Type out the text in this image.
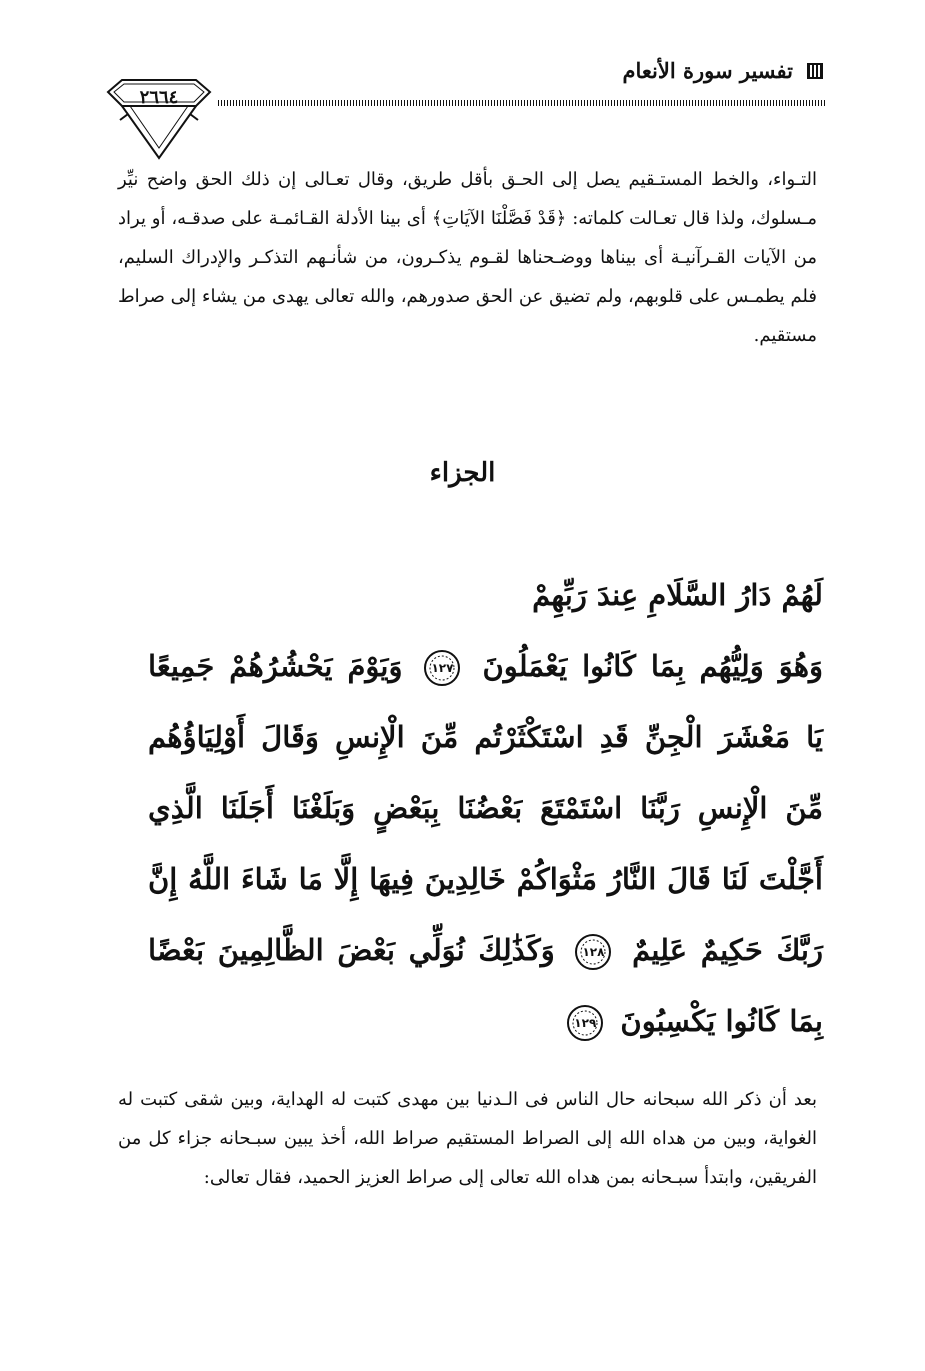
تفسير سورة الأنعام
٢٦٦٤

التـواء، والخط المستـقيم يصل إلى الحـق بأقل طريق، وقال تعـالى إن ذلك الحق واضح نيِّر مـسلوك، ولذا قال تعـالت كلماته: ﴿قَدْ فَصَّلْنَا الآيَاتِ﴾ أى بينا الأدلة القـائمـة على صدقـه، أو يراد من الآيات القـرآنيـة أى بيناها ووضـحناها لقـوم يذكـرون، من شأنـهم التذكـر والإدراك السليم، فلم يطمـس على قلوبهم، ولم تضيق عن الحق صدورهم، والله تعالى يهدى من يشاء إلى صراط مستقيم.

الجزاء
لَهُمْ دَارُ السَّلَامِ عِندَ رَبِّهِمْ
وَهُوَ وَلِيُّهُم بِمَا كَانُوا يَعْمَلُونَ
١٢٧
وَيَوْمَ يَحْشُرُهُمْ جَمِيعًا
يَا مَعْشَرَ الْجِنِّ قَدِ اسْتَكْثَرْتُم مِّنَ الْإِنسِ وَقَالَ أَوْلِيَاؤُهُم
مِّنَ الْإِنسِ رَبَّنَا اسْتَمْتَعَ بَعْضُنَا بِبَعْضٍ وَبَلَغْنَا أَجَلَنَا الَّذِي
أَجَّلْتَ لَنَا قَالَ النَّارُ مَثْوَاكُمْ خَالِدِينَ فِيهَا إِلَّا مَا شَاءَ اللَّهُ إِنَّ
رَبَّكَ حَكِيمٌ عَلِيمٌ
١٢٨
وَكَذَٰلِكَ نُوَلِّي بَعْضَ الظَّالِمِينَ بَعْضًا
بِمَا كَانُوا يَكْسِبُونَ
١٢٩

بعد أن ذكر الله سبحانه حال الناس فى الـدنيا بين مهدى كتبت له الهداية، وبين شقى كتبت له الغواية، وبين من هداه الله إلى الصراط المستقيم صراط الله، أخذ يبين سبـحانه جزاء كل من الفريقين، وابتدأ سبـحانه بمن هداه الله تعالى إلى صراط العزيز الحميد، فقال تعالى:
